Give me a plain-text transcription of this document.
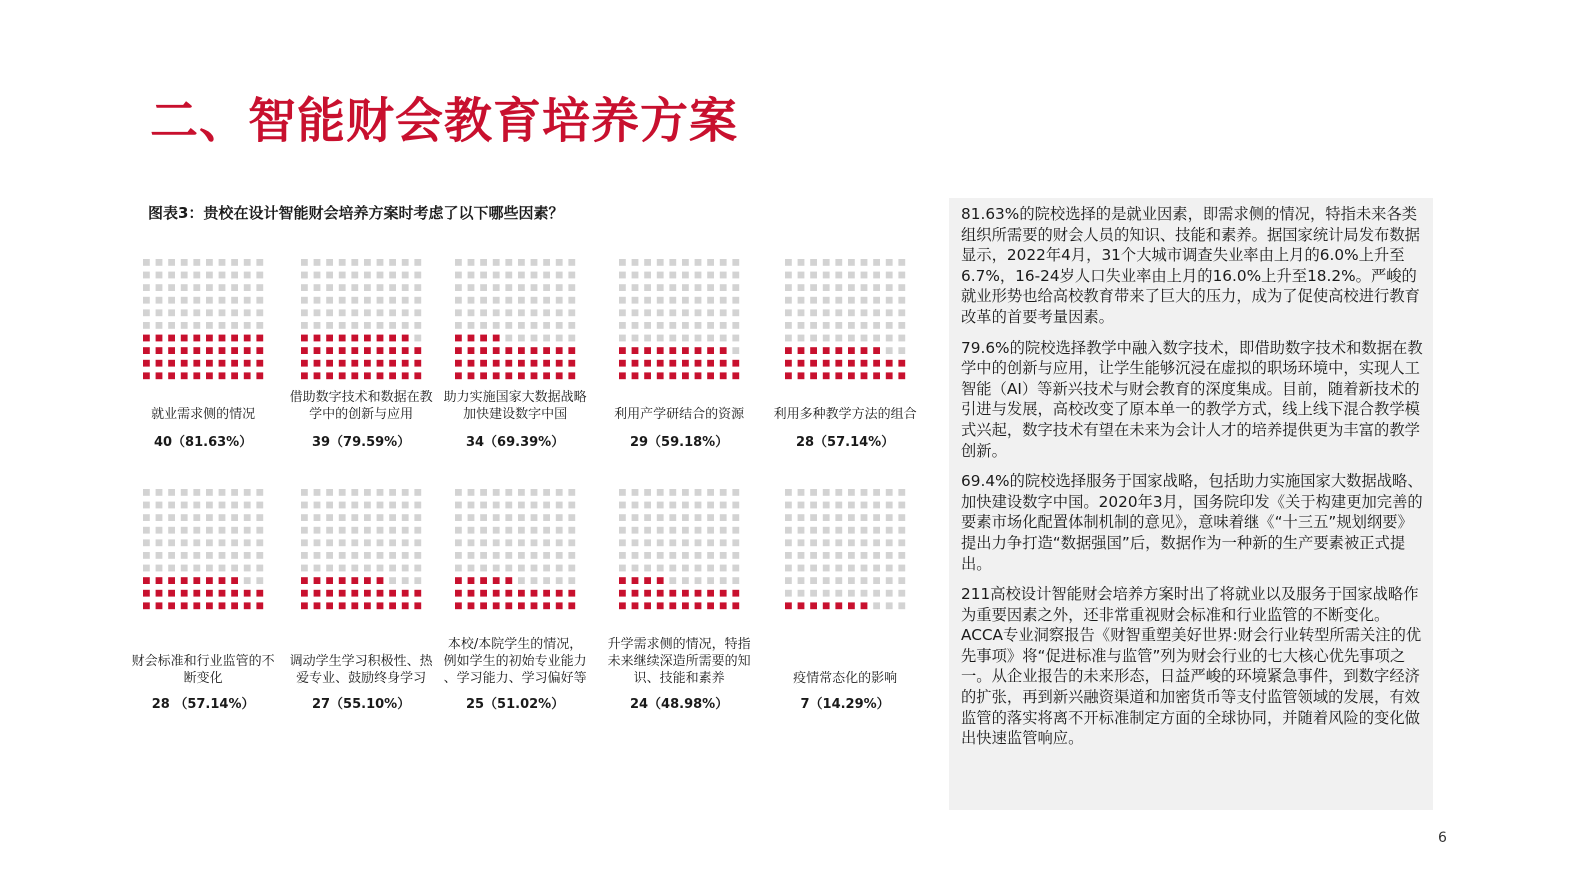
二、智能财会教育培养方案
图表3：贵校在设计智能财会培养方案时考虑了以下哪些因素？
就业需求侧的情况
40（81.63%）
借助数字技术和数据在教学中的创新与应用
39（79.59%）
助力实施国家大数据战略加快建设数字中国
34（69.39%）
利用产学研结合的资源
29（59.18%）
利用多种教学方法的组合
28（57.14%）
财会标准和行业监管的不断变化
28 （57.14%）
调动学生学习积极性、热爱专业、鼓励终身学习
27（55.10%）
本校/本院学生的情况，例如学生的初始专业能力、学习能力、学习偏好等
25（51.02%）
升学需求侧的情况，特指未来继续深造所需要的知识、技能和素养
24（48.98%）
疫情常态化的影响
7（14.29%）

81.63%的院校选择的是就业因素，即需求侧的情况，特指未来各类组织所需要的财会人员的知识、技能和素养。据国家统计局发布数据显示，2022年4月，31个大城市调查失业率由上月的6.0%上升至6.7%，16-24岁人口失业率由上月的16.0%上升至18.2%。严峻的就业形势也给高校教育带来了巨大的压力，成为了促使高校进行教育改革的首要考量因素。

79.6%的院校选择教学中融入数字技术，即借助数字技术和数据在教学中的创新与应用，让学生能够沉浸在虚拟的职场环境中，实现人工智能（AI）等新兴技术与财会教育的深度集成。目前，随着新技术的引进与发展，高校改变了原本单一的教学方式，线上线下混合教学模式兴起，数字技术有望在未来为会计人才的培养提供更为丰富的教学创新。

69.4%的院校选择服务于国家战略，包括助力实施国家大数据战略、加快建设数字中国。2020年3月，国务院印发《关于构建更加完善的要素市场化配置体制机制的意见》，意味着继《“十三五”规划纲要》提出力争打造“数据强国”后，数据作为一种新的生产要素被正式提出。

211高校设计智能财会培养方案时出了将就业以及服务于国家战略作为重要因素之外，还非常重视财会标准和行业监管的不断变化。ACCA专业洞察报告《财智重塑美好世界:财会行业转型所需关注的优先事项》将“促进标准与监管”列为财会行业的七大核心优先事项之一。从企业报告的未来形态，日益严峻的环境紧急事件，到数字经济的扩张，再到新兴融资渠道和加密货币等支付监管领域的发展，有效监管的落实将离不开标准制定方面的全球协同，并随着风险的变化做出快速监管响应。

6
